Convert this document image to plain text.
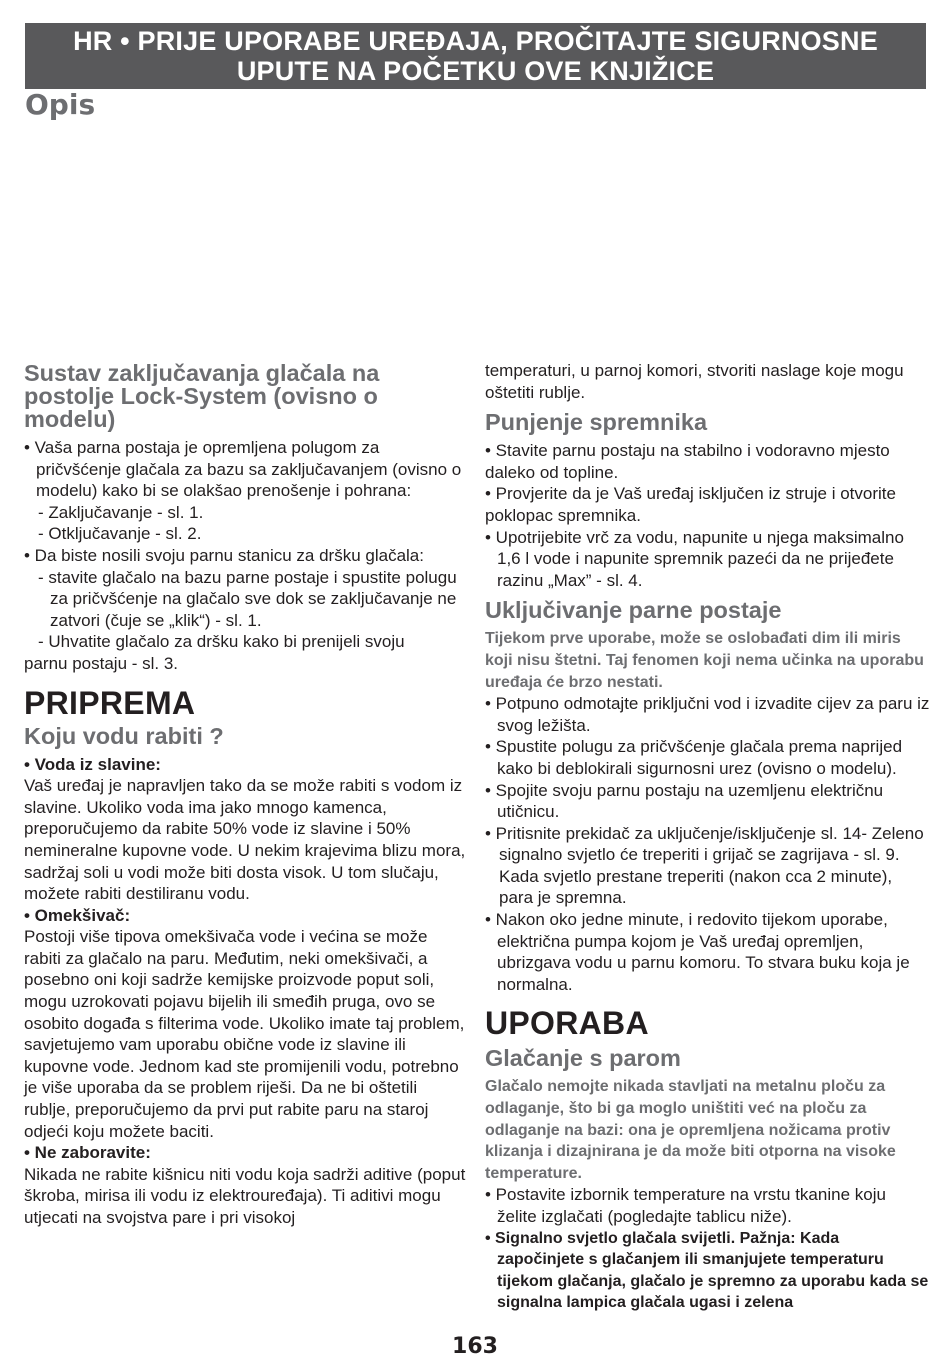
HR • PRIJE UPORABE UREĐAJA, PROČITAJTE SIGURNOSNE
UPUTE NA POČETKU OVE KNJIŽICE
Opis
Sustav zaključavanja glačala na
postolje Lock-System (ovisno o
modelu)

• Vaša parna postaja je opremljena polugom za pričvšćenje glačala za bazu sa zaključavanjem (ovisno o modelu) kako bi se olakšao prenošenje i pohrana:

- Zaključavanje - sl. 1.

- Otključavanje - sl. 2.

• Da biste nosili svoju parnu stanicu za dršku glačala:

- stavite glačalo na bazu parne postaje i spustite polugu za pričvšćenje na glačalo sve dok se zaključavanje ne zatvori (čuje se „klik“) - sl. 1.

- Uhvatite glačalo za dršku kako bi prenijeli svoju

parnu postaju - sl. 3.

PRIPREMA
Koju vodu rabiti ?

• Voda iz slavine:

Vaš uređaj je napravljen tako da se može rabiti s vodom iz slavine. Ukoliko voda ima jako mnogo kamenca, preporučujemo da rabite 50% vode iz slavine i 50% nemineralne kupovne vode. U nekim krajevima blizu mora, sadržaj soli u vodi može biti dosta visok. U tom slučaju, možete rabiti destiliranu vodu.

• Omekšivač:

Postoji više tipova omekšivača vode i većina se može rabiti za glačalo na paru. Međutim, neki omekšivači, a posebno oni koji sadrže kemijske proizvode poput soli, mogu uzrokovati pojavu bijelih ili smeđih pruga, ovo se osobito događa s filterima vode. Ukoliko imate taj problem, savjetujemo vam uporabu obične vode iz slavine ili kupovne vode. Jednom kad ste promijenili vodu, potrebno je više uporaba da se problem riješi. Da ne bi oštetili rublje, preporučujemo da prvi put rabite paru na staroj odjeći koju možete baciti.

• Ne zaboravite:

Nikada ne rabite kišnicu niti vodu koja sadrži aditive (poput škroba, mirisa ili vodu iz elektrouređaja). Ti aditivi mogu utjecati na svojstva pare i pri visokoj

temperaturi, u parnoj komori, stvoriti naslage koje mogu oštetiti rublje.

Punjenje spremnika

• Stavite parnu postaju na stabilno i vodoravno mjesto daleko od topline.

• Provjerite da je Vaš uređaj isključen iz struje i otvorite poklopac spremnika.

• Upotrijebite vrč za vodu, napunite u njega maksimalno 1,6 l vode i napunite spremnik pazeći da ne prijeđete razinu „Max” - sl. 4.

Uključivanje parne postaje

Tijekom prve uporabe, može se oslobađati dim ili miris koji nisu štetni. Taj fenomen koji nema učinka na uporabu uređaja će brzo nestati.

• Potpuno odmotajte priključni vod i izvadite cijev za paru iz svog ležišta.

• Spustite polugu za pričvšćenje glačala prema naprijed kako bi deblokirali sigurnosni urez (ovisno o modelu).

• Spojite svoju parnu postaju na uzemljenu električnu utičnicu.

• Pritisnite prekidač za uključenje/isključenje sl. 14- Zeleno signalno svjetlo će treperiti i grijač se zagrijava - sl. 9. Kada svjetlo prestane treperiti (nakon cca 2 minute), para je spremna.

• Nakon oko jedne minute, i redovito tijekom uporabe, električna pumpa kojom je Vaš uređaj opremljen, ubrizgava vodu u parnu komoru. To stvara buku koja je normalna.

UPORABA
Glačanje s parom

Glačalo nemojte nikada stavljati na metalnu ploču za odlaganje, što bi ga moglo uništiti već na ploču za odlaganje na bazi: ona je opremljena nožicama protiv klizanja i dizajnirana je da može biti otporna na visoke temperature.

• Postavite izbornik temperature na vrstu tkanine koju želite izglačati (pogledajte tablicu niže).

• Signalno svjetlo glačala svijetli. Pažnja: Kada započinjete s glačanjem ili smanjujete temperaturu tijekom glačanja, glačalo je spremno za uporabu kada se signalna lampica glačala ugasi i zelena

163
